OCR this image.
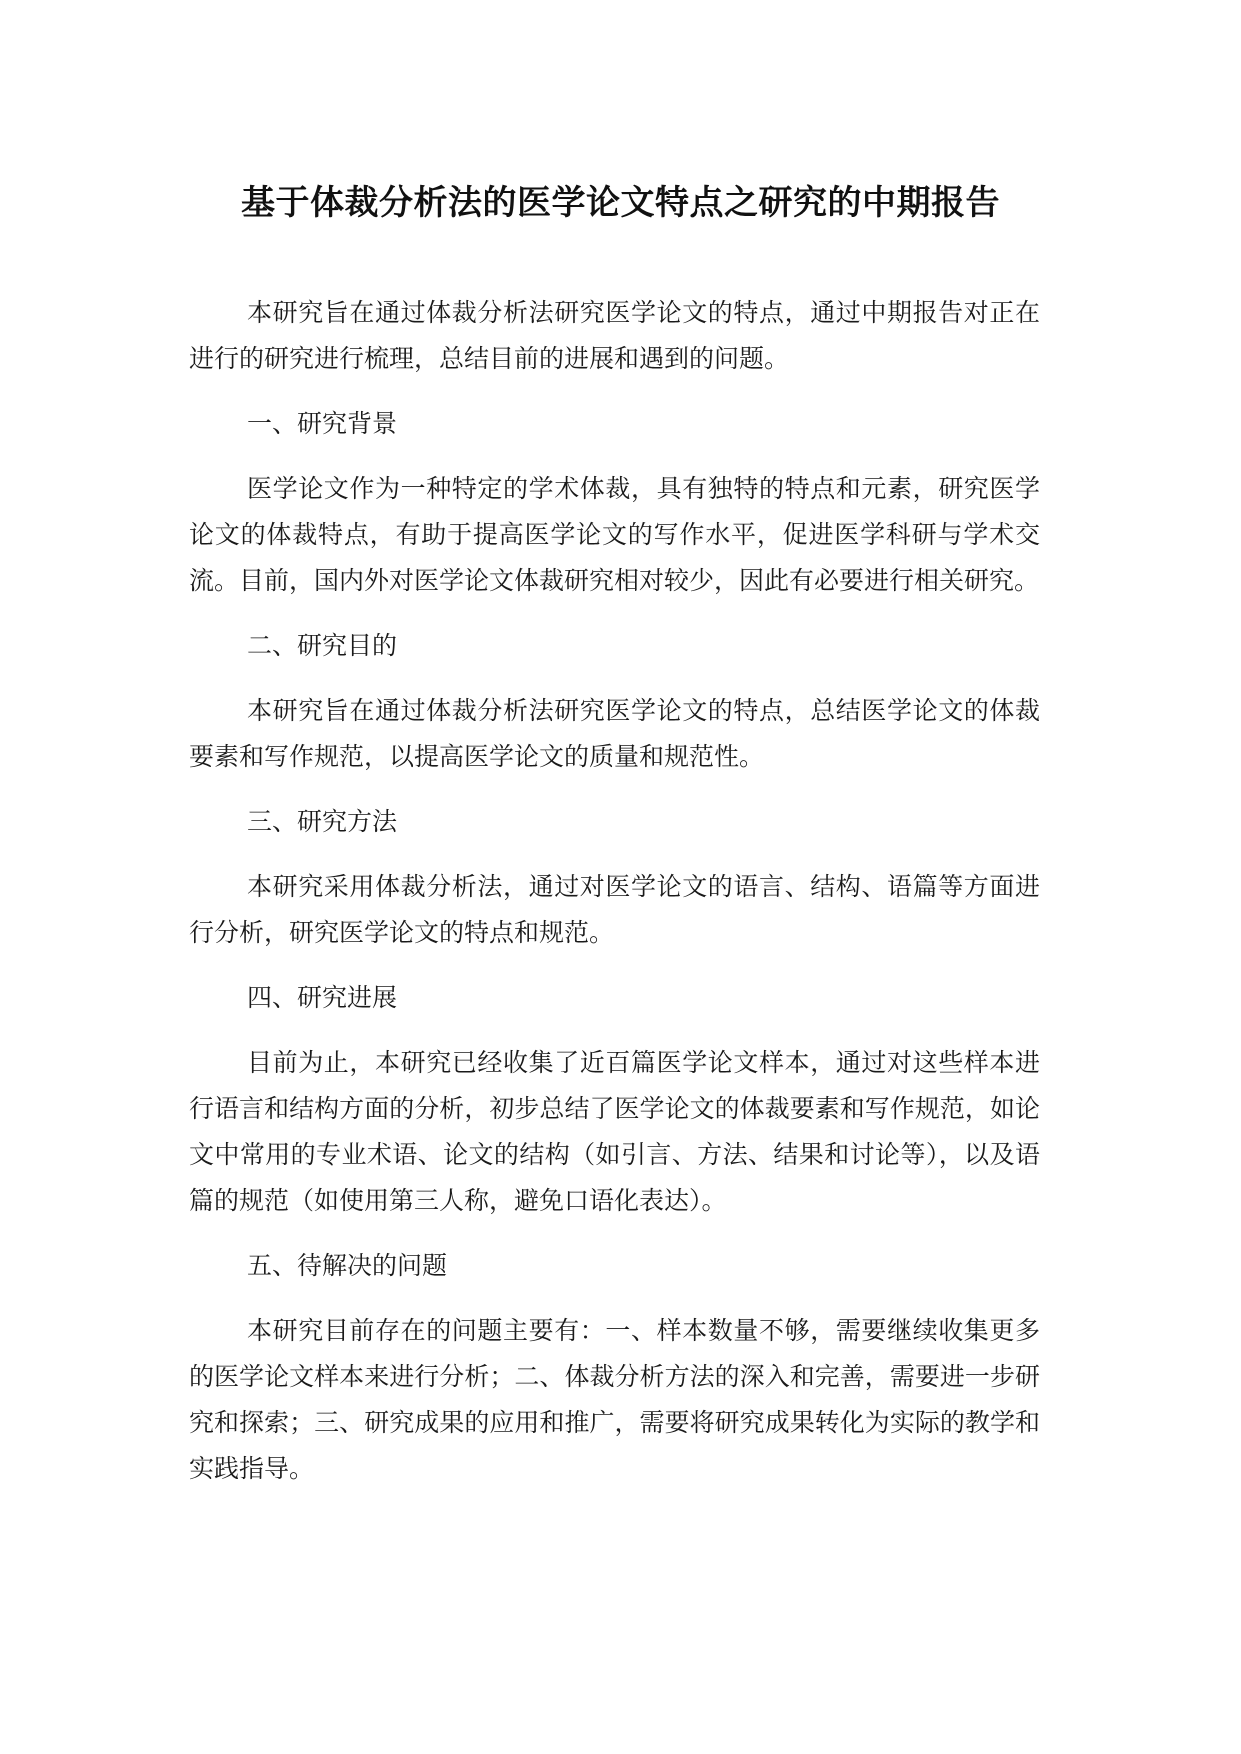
基于体裁分析法的医学论文特点之研究的中期报告

本研究旨在通过体裁分析法研究医学论文的特点，通过中期报告对正在进行的研究进行梳理，总结目前的进展和遇到的问题。

一、研究背景

医学论文作为一种特定的学术体裁，具有独特的特点和元素，研究医学论文的体裁特点，有助于提高医学论文的写作水平，促进医学科研与学术交流。目前，国内外对医学论文体裁研究相对较少，因此有必要进行相关研究。

二、研究目的

本研究旨在通过体裁分析法研究医学论文的特点，总结医学论文的体裁要素和写作规范，以提高医学论文的质量和规范性。

三、研究方法

本研究采用体裁分析法，通过对医学论文的语言、结构、语篇等方面进行分析，研究医学论文的特点和规范。

四、研究进展

目前为止，本研究已经收集了近百篇医学论文样本，通过对这些样本进行语言和结构方面的分析，初步总结了医学论文的体裁要素和写作规范，如论文中常用的专业术语、论文的结构（如引言、方法、结果和讨论等），以及语篇的规范（如使用第三人称，避免口语化表达）。

五、待解决的问题

本研究目前存在的问题主要有：一、样本数量不够，需要继续收集更多的医学论文样本来进行分析；二、体裁分析方法的深入和完善，需要进一步研究和探索；三、研究成果的应用和推广，需要将研究成果转化为实际的教学和实践指导。
